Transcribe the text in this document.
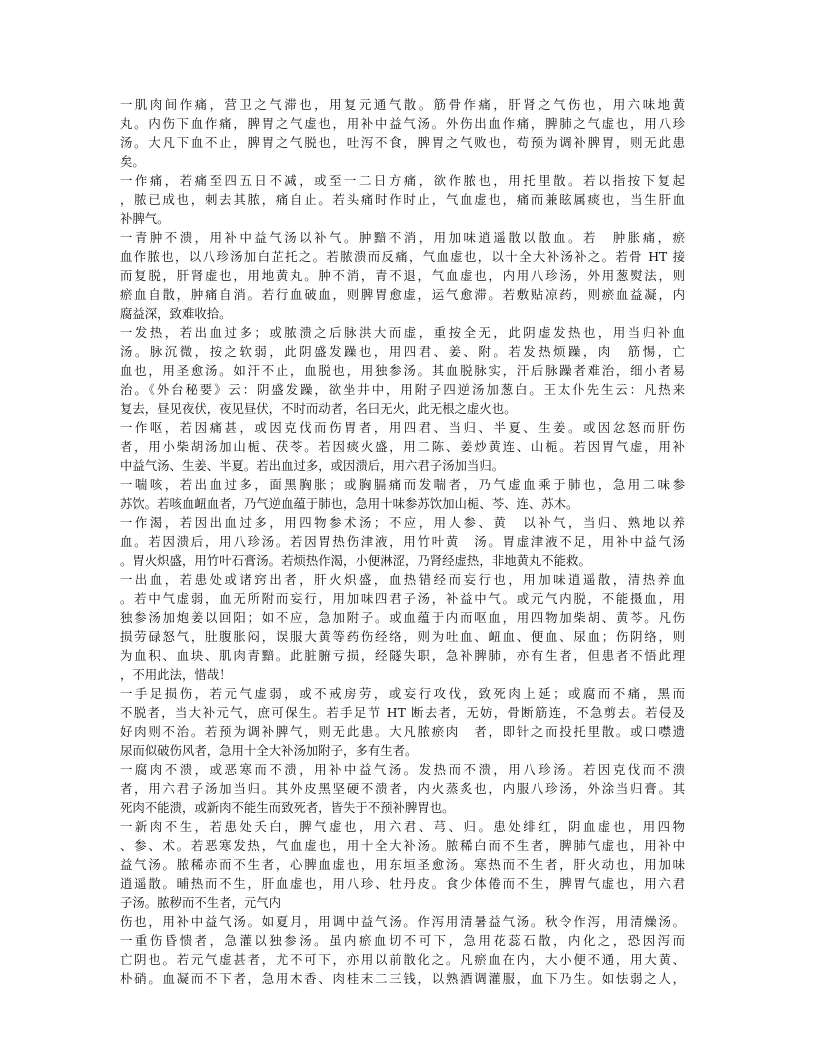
一肌肉间作痛，营卫之气滞也，用复元通气散。筋骨作痛，肝肾之气伤也，用六味地黄
丸。内伤下血作痛，脾胃之气虚也，用补中益气汤。外伤出血作痛，脾肺之气虚也，用八珍
汤。大凡下血不止，脾胃之气脱也，吐泻不食，脾胃之气败也，苟预为调补脾胃，则无此患
矣。
一作痛，若痛至四五日不减，或至一二日方痛，欲作脓也，用托里散。若以指按下复起
，脓已成也，刺去其脓，痛自止。若头痛时作时止，气血虚也，痛而兼眩属痰也，当生肝血
补脾气。
一青肿不溃，用补中益气汤以补气。肿黯不消，用加味逍遥散以散血。若　肿胀痛，瘀
血作脓也，以八珍汤加白芷托之。若脓溃而反痛，气血虚也，以十全大补汤补之。若骨 HT 接
而复脱，肝肾虚也，用地黄丸。肿不消，青不退，气血虚也，内用八珍汤，外用葱熨法，则
瘀血自散，肿痛自消。若行血破血，则脾胃愈虚，运气愈滞。若敷贴凉药，则瘀血益凝，内
腐益深，致难收拾。
一发热，若出血过多；或脓溃之后脉洪大而虚，重按全无，此阴虚发热也，用当归补血
汤。脉沉微，按之软弱，此阴盛发躁也，用四君、姜、附。若发热烦躁，肉　筋惕，亡
血也，用圣愈汤。如汗不止，血脱也，用独参汤。其血脱脉实，汗后脉躁者难治，细小者易
治。《外台秘要》云：阴盛发躁，欲坐井中，用附子四逆汤加葱白。王太仆先生云：凡热来
复去，昼见夜伏，夜见昼伏，不时而动者，名曰无火，此无根之虚火也。
一作呕，若因痛甚，或因克伐而伤胃者，用四君、当归、半夏、生姜。或因忿怒而肝伤
者，用小柴胡汤加山栀、茯苓。若因痰火盛，用二陈、姜炒黄连、山栀。若因胃气虚，用补
中益气汤、生姜、半夏。若出血过多，或因溃后，用六君子汤加当归。
一喘咳，若出血过多，面黑胸胀；或胸膈痛而发喘者，乃气虚血乘于肺也，急用二味参
苏饮。若咳血衄血者，乃气逆血蕴于肺也，急用十味参苏饮加山栀、芩、连、苏木。
一作渴，若因出血过多，用四物参术汤；不应，用人参、黄　以补气，当归、熟地以养
血。若因溃后，用八珍汤。若因胃热伤津液，用竹叶黄　汤。胃虚津液不足，用补中益气汤
。胃火炽盛，用竹叶石膏汤。若烦热作渴，小便淋涩，乃肾经虚热，非地黄丸不能救。
一出血，若患处或诸窍出者，肝火炽盛，血热错经而妄行也，用加味逍遥散，清热养血
。若中气虚弱，血无所附而妄行，用加味四君子汤，补益中气。或元气内脱，不能摄血，用
独参汤加炮姜以回阳；如不应，急加附子。或血蕴于内而呕血，用四物加柴胡、黄芩。凡伤
损劳碌怒气，肚腹胀闷，误服大黄等药伤经络，则为吐血、衄血、便血、尿血；伤阴络，则
为血积、血块、肌肉青黯。此脏腑亏损，经隧失职，急补脾肺，亦有生者，但患者不悟此理
，不用此法，惜哉！
一手足损伤，若元气虚弱，或不戒房劳，或妄行攻伐，致死肉上延；或腐而不痛，黑而
不脱者，当大补元气，庶可保生。若手足节 HT 断去者，无妨，骨断筋连，不急剪去。若侵及
好肉则不治。若预为调补脾气，则无此患。大凡脓瘀肉　者，即针之而投托里散。或口噤遗
尿而似破伤风者，急用十全大补汤加附子，多有生者。
一腐肉不溃，或恶寒而不溃，用补中益气汤。发热而不溃，用八珍汤。若因克伐而不溃
者，用六君子汤加当归。其外皮黑坚硬不溃者，内火蒸炙也，内服八珍汤，外涂当归膏。其
死肉不能溃，或新肉不能生而致死者，皆失于不预补脾胃也。
一新肉不生，若患处夭白，脾气虚也，用六君、芎、归。患处绯红，阴血虚也，用四物
、参、术。若恶寒发热，气血虚也，用十全大补汤。脓稀白而不生者，脾肺气虚也，用补中
益气汤。脓稀赤而不生者，心脾血虚也，用东垣圣愈汤。寒热而不生者，肝火动也，用加味
逍遥散。晡热而不生，肝血虚也，用八珍、牡丹皮。食少体倦而不生，脾胃气虚也，用六君
子汤。脓秽而不生者，元气内
伤也，用补中益气汤。如夏月，用调中益气汤。作泻用清暑益气汤。秋令作泻，用清燥汤。
一重伤昏愦者，急灌以独参汤。虽内瘀血切不可下，急用花蕊石散，内化之，恐因泻而
亡阴也。若元气虚甚者，尤不可下，亦用以前散化之。凡瘀血在内，大小便不通，用大黄、
朴硝。血凝而不下者，急用木香、肉桂末二三钱，以熟酒调灌服，血下乃生。如怯弱之人，
